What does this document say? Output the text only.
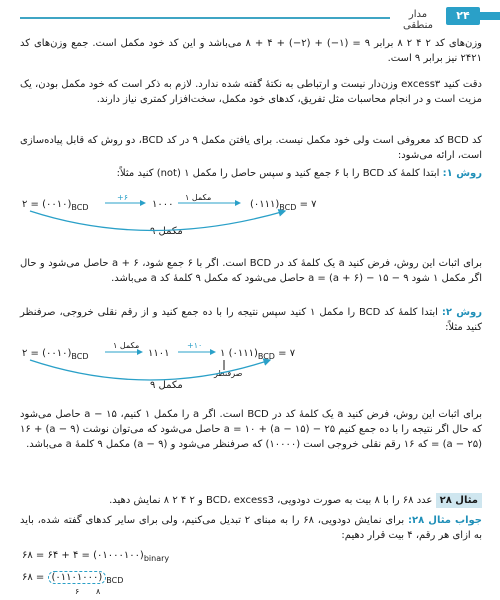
مدار منطقی
۲۴
وزن‌های کد ۲ ۴ ۲ ۸ برابر ۹ = (۱−) + (۲−) + ۴ + ۸ می‌باشد و این کد خود مکمل است. جمع وزن‌های کد ۲۴۲۱ نیز برابر ۹ است.
دقت کنید excess۳ وزن‌دار نیست و ارتباطی به نکتهٔ گفته شده ندارد. لازم به ذکر است که خود مکمل بودن، یک مزیت است و در انجام محاسبات مثل تفریق، کدهای خود مکمل، سخت‌افزار کمتری نیاز دارند.
کد BCD کد معروفی است ولی خود مکمل نیست. برای یافتن مکمل ۹ در کد BCD، دو روش که قابل پیاده‌سازی است، ارائه می‌شود:
روش ۱: ابتدا کلمهٔ کد BCD را با ۶ جمع کنید و سپس حاصل را مکمل ۱ (not) کنید مثلاً:
۲ = $(۰۰۱۰)_{BCD}$	۱۰۰۰	$(۰۱۱۱)_{BCD}$ = ۷
+۶	مکمل ۱
مکمل ۹
برای اثبات این روش، فرض کنید a یک کلمهٔ کد در BCD است. اگر با ۶ جمع شود، a + ۶ حاصل می‌شود و حال اگر مکمل ۱ شود ۹ − a = (a + ۶) − ۱۵ حاصل می‌شود که مکمل ۹ کلمهٔ کد a می‌باشد.
روش ۲: ابتدا کلمهٔ کد BCD را مکمل ۱ کنید سپس نتیجه را با ده جمع کنید و از رقم نقلی خروجی، صرفنظر کنید مثلاً:
۲ = $(۰۰۱۰)_{BCD}$	۱۱۰۱	۱ $(۰۱۱۱)_{BCD}$ = ۷
مکمل ۱	+۱۰
صرفنظر
مکمل ۹
برای اثبات این روش، فرض کنید a یک کلمهٔ کد در BCD است. اگر a را مکمل ۱ کنیم، a − ۱۵ حاصل می‌شود که حال اگر نتیجه را با ده جمع کنیم ۲۵ − a = ۱۰ + (a − ۱۵) حاصل می‌شود که می‌توان نوشت (a − ۹) + ۱۶ = (a − ۲۵) که ۱۶ رقم نقلی خروجی است (۱۰۰۰۰) که صرفنظر می‌شود و (a − ۹) مکمل ۹ کلمهٔ a می‌باشد.
مثال ۲۸ عدد ۶۸ را با ۸ بیت به صورت دودویی، BCD، excess3 و ۲ ۴ ۲ ۸ نمایش دهید.
جواب مثال ۲۸: برای نمایش دودویی، ۶۸ را به مبنای ۲ تبدیل می‌کنیم، ولی برای سایر کدهای گفته شده، باید به ازای هر رقم، ۴ بیت قرار دهیم:
۶۸ = ۶۴ + ۴ = $(۰۱۰۰۰۱۰۰)_{binary}$
۶۸ = (۰۱۱۰۱۰۰۰) $_{BCD}$
۶ ۸
